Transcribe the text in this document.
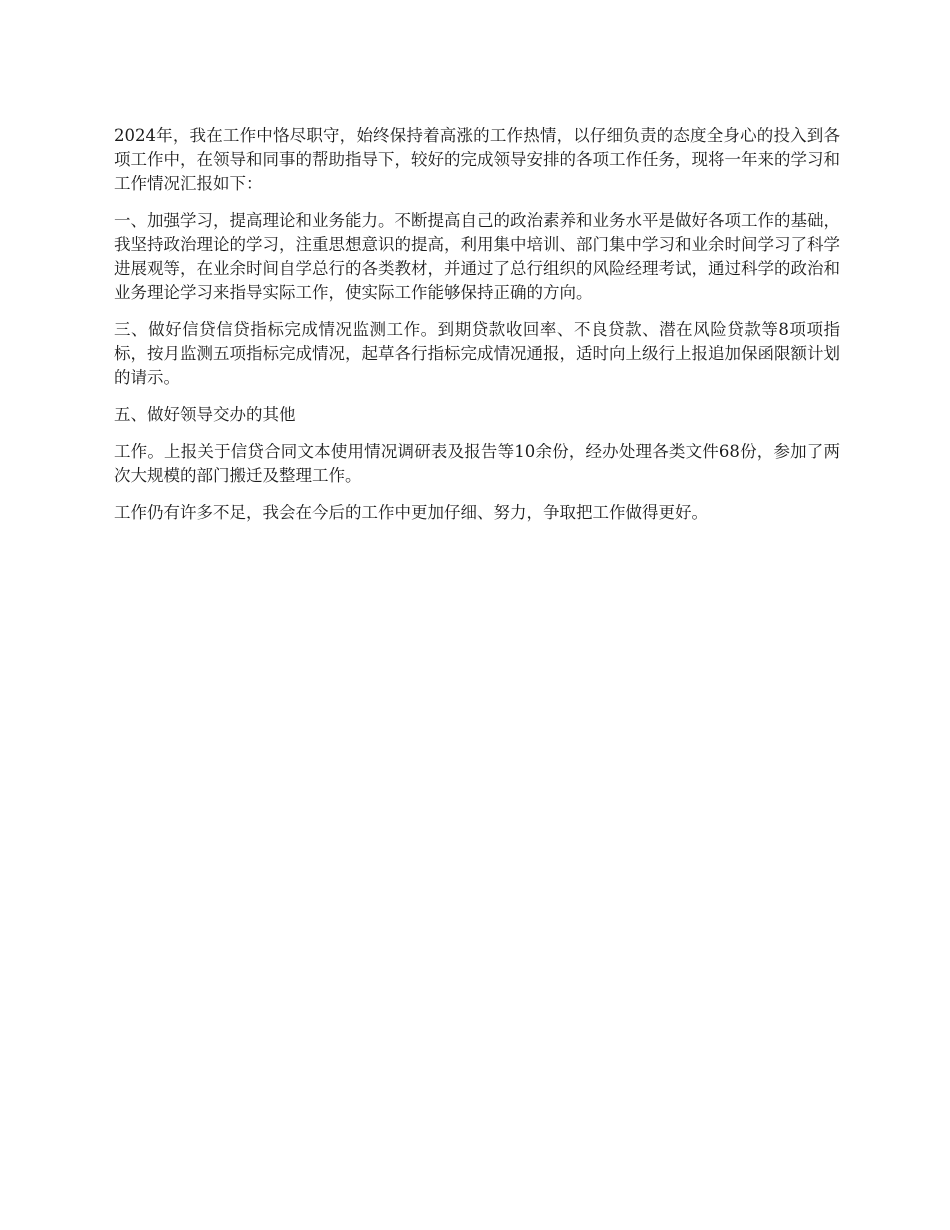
2024年，我在工作中恪尽职守，始终保持着高涨的工作热情，以仔细负责的态度全身心的投入到各项工作中，在领导和同事的帮助指导下，较好的完成领导安排的各项工作任务，现将一年来的学习和工作情况汇报如下：

一、加强学习，提高理论和业务能力。不断提高自己的政治素养和业务水平是做好各项工作的基础，我坚持政治理论的学习，注重思想意识的提高，利用集中培训、部门集中学习和业余时间学习了科学进展观等，在业余时间自学总行的各类教材，并通过了总行组织的风险经理考试，通过科学的政治和业务理论学习来指导实际工作，使实际工作能够保持正确的方向。

三、做好信贷信贷指标完成情况监测工作。到期贷款收回率、不良贷款、潜在风险贷款等8项项指标，按月监测五项指标完成情况，起草各行指标完成情况通报，适时向上级行上报追加保函限额计划的请示。

五、做好领导交办的其他

工作。上报关于信贷合同文本使用情况调研表及报告等10余份，经办处理各类文件68份，参加了两次大规模的部门搬迁及整理工作。

工作仍有许多不足，我会在今后的工作中更加仔细、努力，争取把工作做得更好。
